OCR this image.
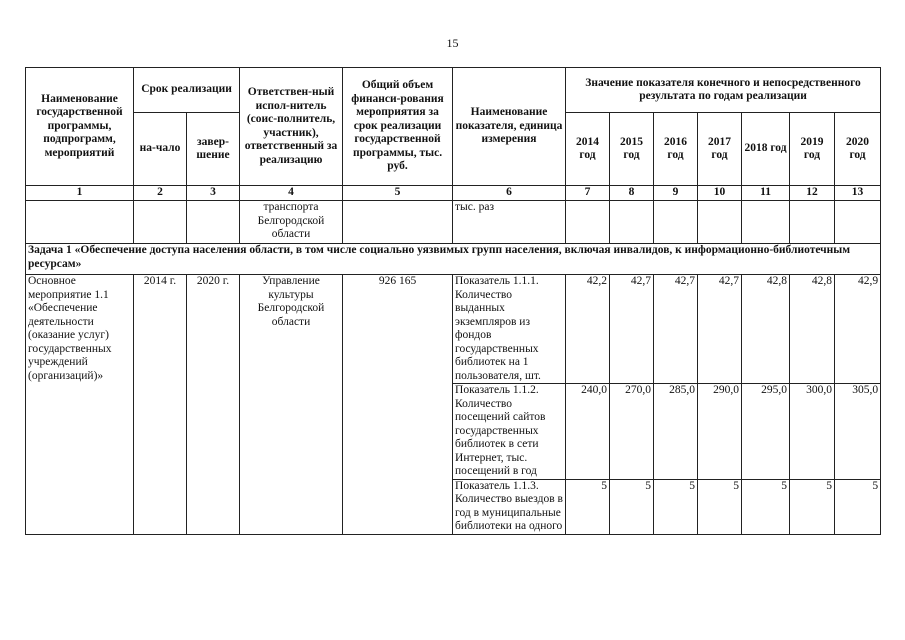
15
Наименование государственной программы, подпрограмм, мероприятий	Срок реализации		Ответствен-ный испол-нитель (соис-полнитель, участник), ответственный за реализацию	Общий объем финанси-рования мероприятия за срок реализации государственной программы, тыс. руб.	Наименование показателя, единица измерения	Значение показателя конечного и непосредственного результата по годам реализации						
	на-чало	завер-шение				2014 год	2015 год	2016 год	2017 год	2018 год	2019 год	2020 год
1	2	3	4	5	6	7	8	9	10	11	12	13
			транспорта Белгородской области		тыс. раз							
Задача 1 «Обеспечение доступа населения области, в том числе социально уязвимых групп населения, включая инвалидов, к информационно-библиотечным ресурсам»												
Основное мероприятие 1.1 «Обеспечение деятельности (оказание услуг) государственных учреждений (организаций)»	2014 г.	2020 г.	Управление культуры Белгородской области	926 165	Показатель 1.1.1. Количество выданных экземпляров из фондов государственных библиотек на 1 пользователя, шт.	42,2	42,7	42,7	42,7	42,8	42,8	42,9
					Показатель 1.1.2. Количество посещений сайтов государственных библиотек в сети Интернет, тыс. посещений в год	240,0	270,0	285,0	290,0	295,0	300,0	305,0
					Показатель 1.1.3. Количество выездов в год в муниципальные библиотеки на одного	5	5	5	5	5	5	5
